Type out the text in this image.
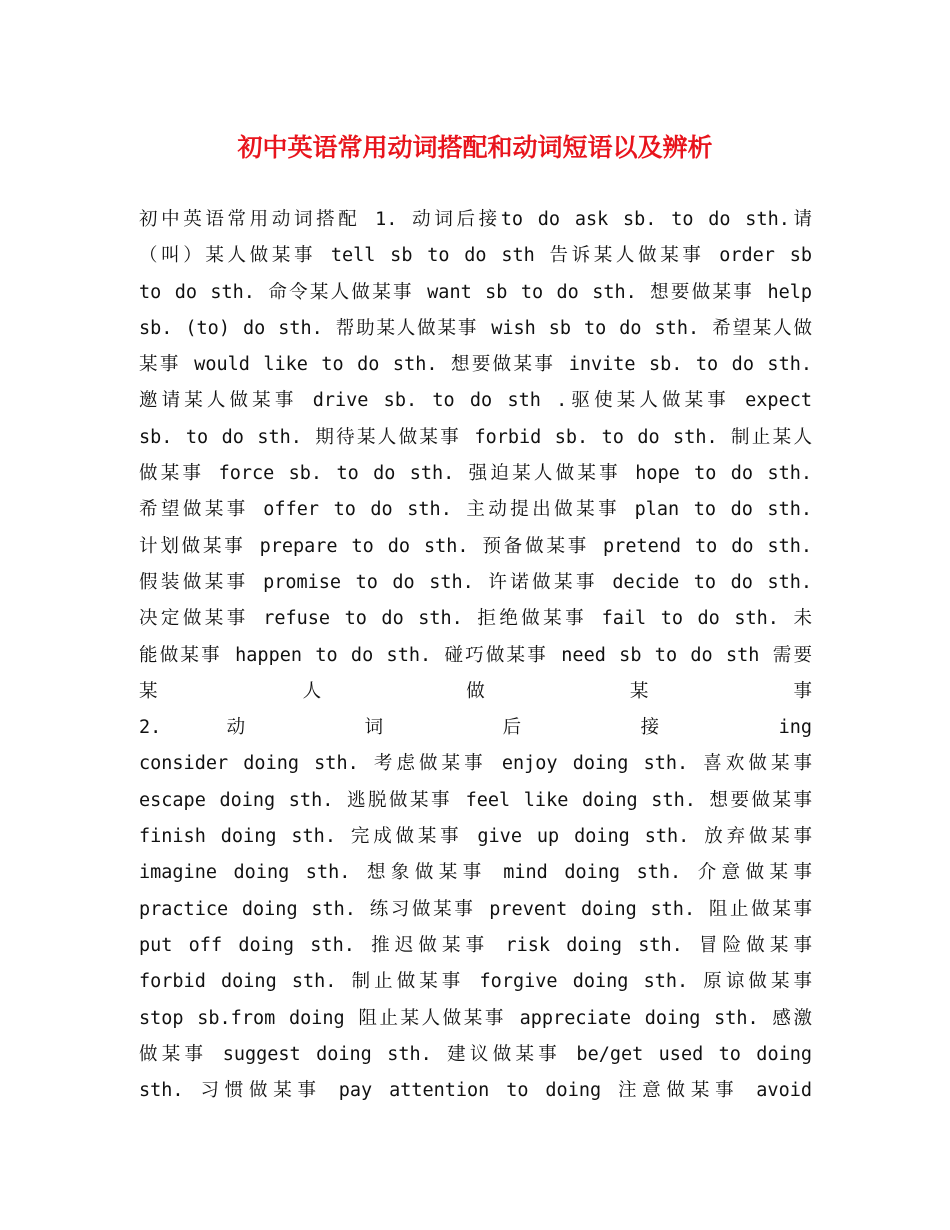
初中英语常用动词搭配和动词短语以及辨析
初中英语常用动词搭配 1. 动词后接to do ask sb. to do sth.请
（叫）某人做某事 tell sb to do sth 告诉某人做某事 order sb
to do sth. 命令某人做某事 want sb to do sth. 想要做某事 help
sb. (to) do sth. 帮助某人做某事 wish sb to do sth. 希望某人做
某事 would like to do sth. 想要做某事 invite sb. to do sth.
邀请某人做某事 drive sb. to do sth .驱使某人做某事 expect
sb. to do sth. 期待某人做某事 forbid sb. to do sth. 制止某人
做某事 force sb. to do sth. 强迫某人做某事 hope to do sth.
希望做某事 offer to do sth. 主动提出做某事 plan to do sth.
计划做某事 prepare to do sth. 预备做某事 pretend to do sth.
假装做某事 promise to do sth. 许诺做某事 decide to do sth.
决定做某事 refuse to do sth. 拒绝做某事 fail to do sth. 未
能做某事 happen to do sth. 碰巧做某事 need sb to do sth 需要
某 人 做 某 事
2. 动 词 后 接 ing
consider doing sth. 考虑做某事 enjoy doing sth. 喜欢做某事
escape doing sth. 逃脱做某事 feel like doing sth. 想要做某事
finish doing sth. 完成做某事 give up doing sth. 放弃做某事
imagine doing sth. 想象做某事 mind doing sth. 介意做某事
practice doing sth. 练习做某事 prevent doing sth. 阻止做某事
put off doing sth. 推迟做某事 risk doing sth. 冒险做某事
forbid doing sth. 制止做某事 forgive doing sth. 原谅做某事
stop sb.from doing 阻止某人做某事 appreciate doing sth. 感激
做某事 suggest doing sth. 建议做某事 be/get used to doing
sth. 习惯做某事 pay attention to doing 注意做某事 avoid
